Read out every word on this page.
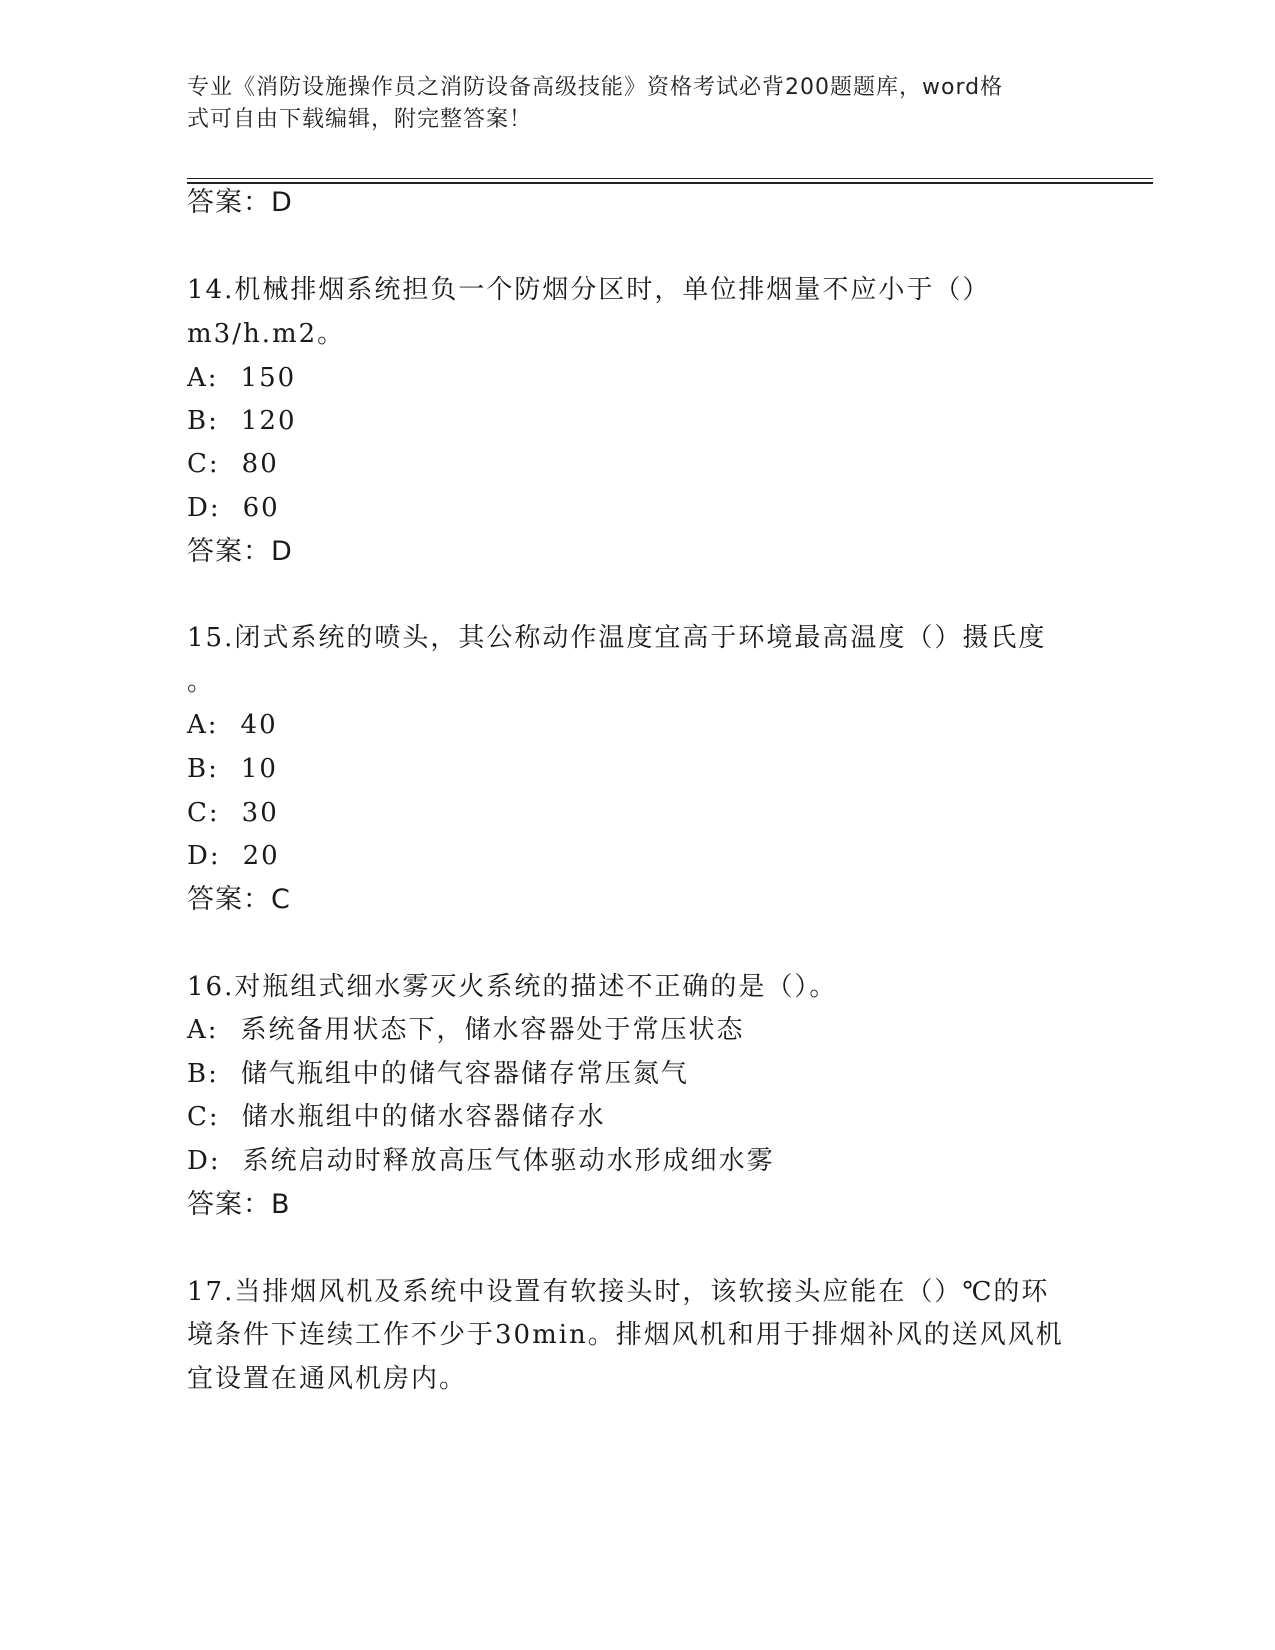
专业《消防设施操作员之消防设备高级技能》资格考试必背200题题库，word格
式可自由下载编辑，附完整答案！
答案：D
14.机械排烟系统担负一个防烟分区时，单位排烟量不应小于（）
m3/h.m2。
A: 150
B: 120
C: 80
D: 60
答案：D
15.闭式系统的喷头，其公称动作温度宜高于环境最高温度（）摄氏度
。
A: 40
B: 10
C: 30
D: 20
答案：C
16.对瓶组式细水雾灭火系统的描述不正确的是（）。
A: 系统备用状态下，储水容器处于常压状态
B: 储气瓶组中的储气容器储存常压氮气
C: 储水瓶组中的储水容器储存水
D: 系统启动时释放高压气体驱动水形成细水雾
答案：B
17.当排烟风机及系统中设置有软接头时，该软接头应能在（）℃的环
境条件下连续工作不少于30min。排烟风机和用于排烟补风的送风风机
宜设置在通风机房内。
